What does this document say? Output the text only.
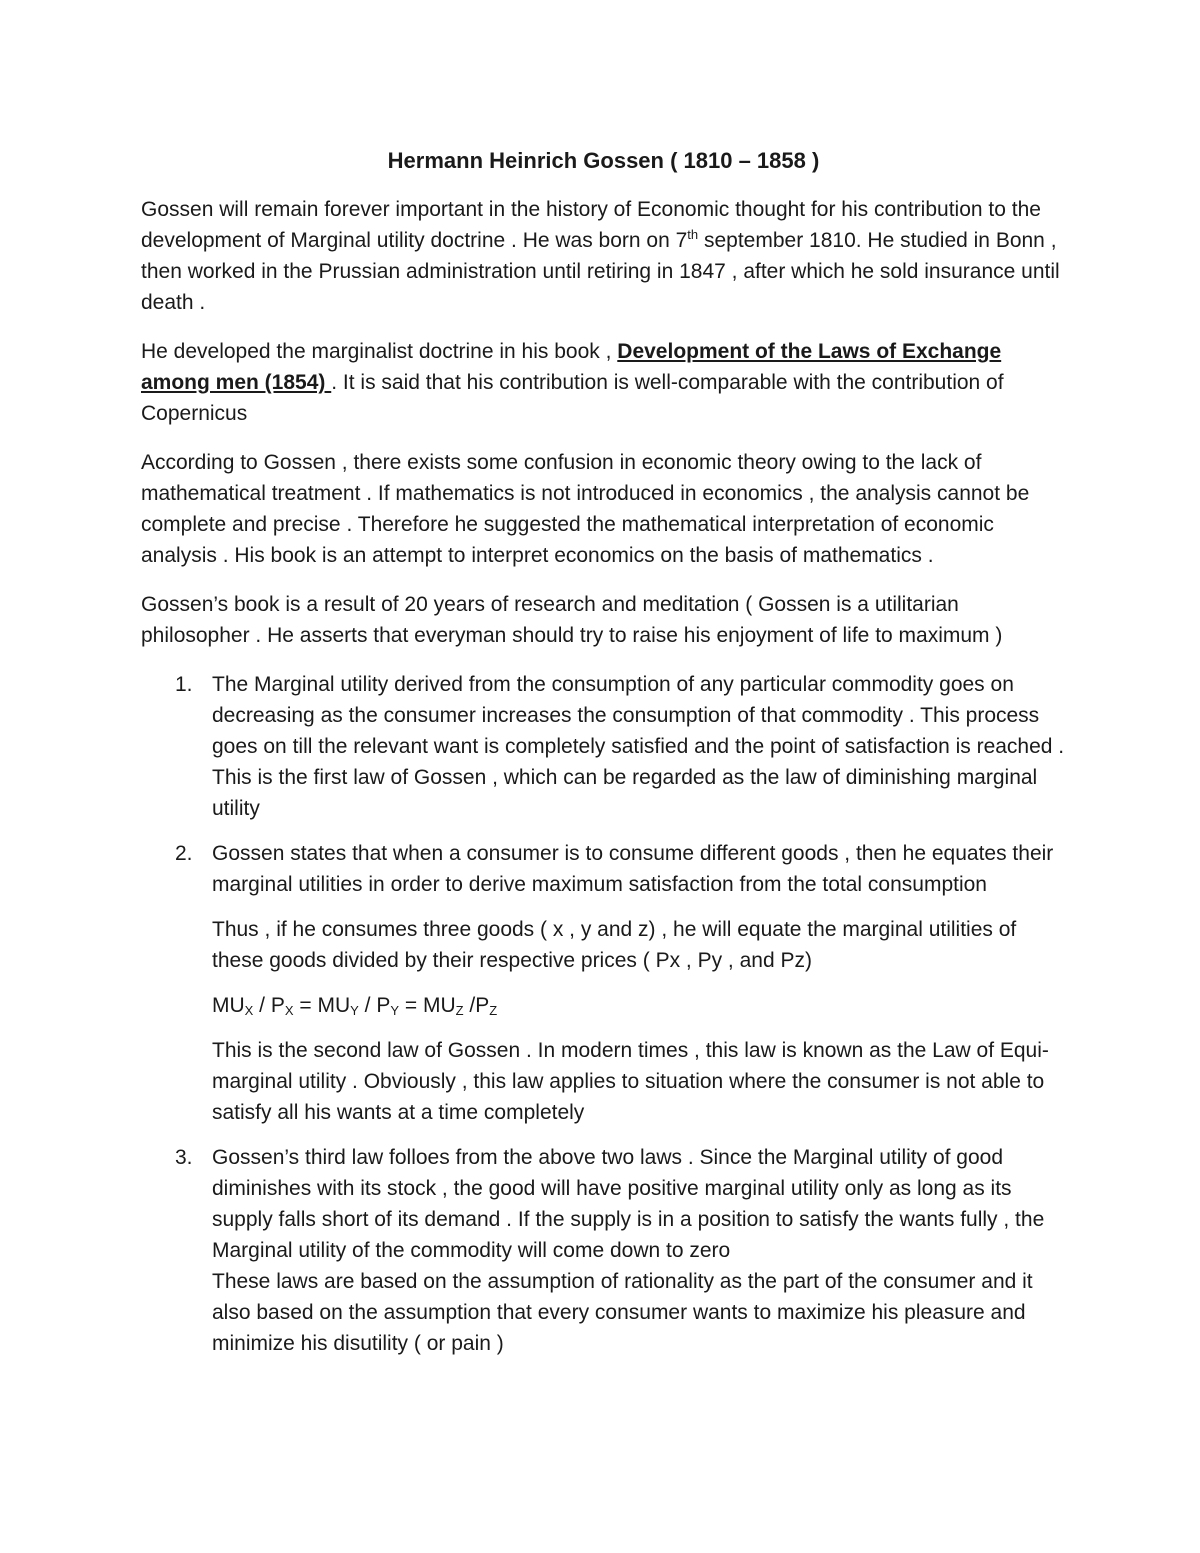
Hermann Heinrich Gossen ( 1810 – 1858 )

Gossen will remain forever important in the history of Economic thought for his contribution to the development of Marginal utility doctrine . He was born on 7th september 1810. He studied in Bonn , then worked in the Prussian administration until retiring in 1847 , after which he sold insurance until death .

He developed the marginalist doctrine in his book , Development of the Laws of Exchange among men (1854) . It is said that his contribution is well-comparable with the contribution of Copernicus

According to Gossen , there exists some confusion in economic theory owing to the lack of mathematical treatment . If mathematics is not introduced in economics , the analysis cannot be complete and precise . Therefore he suggested the mathematical interpretation of economic analysis . His book is an attempt to interpret economics on the basis of mathematics .

Gossen’s book is a result of 20 years of research and meditation ( Gossen is a utilitarian philosopher . He asserts that everyman should try to raise his enjoyment of life to maximum )

1. The Marginal utility derived from the consumption of any particular commodity goes on decreasing as the consumer increases the consumption of that commodity . This process goes on till the relevant want is completely satisfied and the point of satisfaction is reached .

This is the first law of Gossen , which can be regarded as the law of diminishing marginal utility

2. Gossen states that when a consumer is to consume different goods , then he equates their marginal utilities in order to derive maximum satisfaction from the total consumption

Thus , if he consumes three goods ( x , y and z) , he will equate the marginal utilities of these goods divided by their respective prices ( Px , Py , and Pz)

$MU_X / P_X = MU_Y / P_Y = MU_Z$ $/P_Z$

This is the second law of Gossen . In modern times , this law is known as the Law of Equi-marginal utility . Obviously , this law applies to situation where the consumer is not able to satisfy all his wants at a time completely

3. Gossen’s third law folloes from the above two laws . Since the Marginal utility of good diminishes with its stock , the good will have positive marginal utility only as long as its supply falls short of its demand . If the supply is in a position to satisfy the wants fully , the Marginal utility of the commodity will come down to zero

These laws are based on the assumption of rationality as the part of the consumer and it also based on the assumption that every consumer wants to maximize his pleasure and minimize his disutility ( or pain )
